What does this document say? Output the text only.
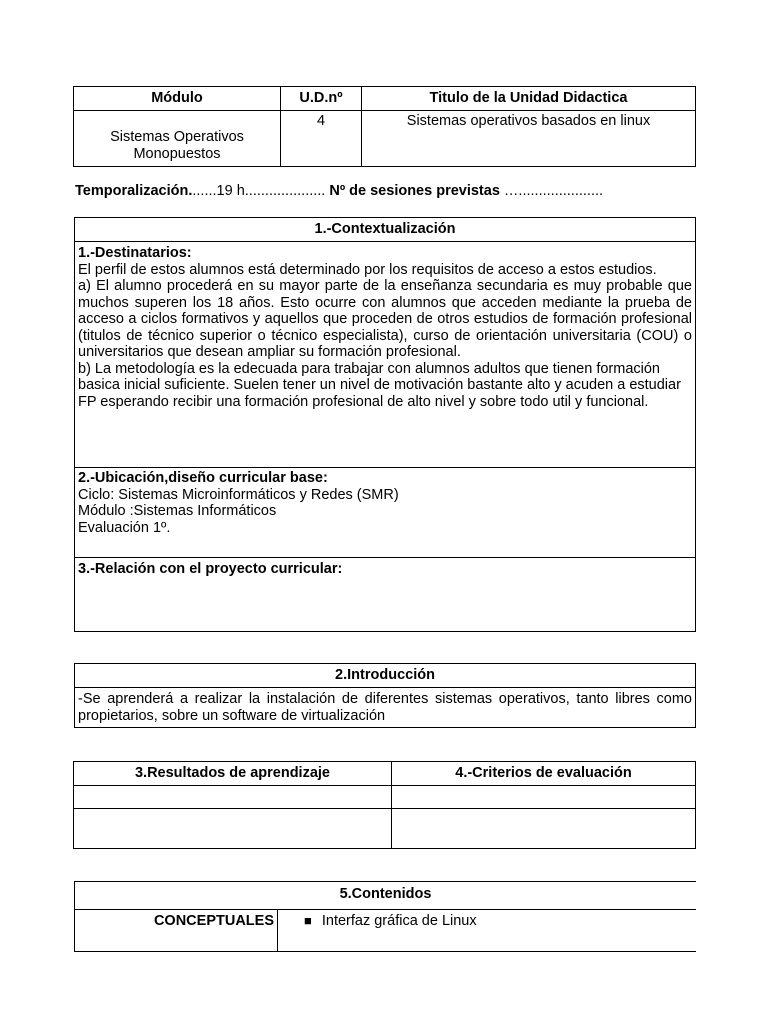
Módulo	U.D.nº	Titulo de la Unidad Didactica

Sistemas Operativos

Monopuestos	4	Sistemas operativos basados en linux
Temporalización.......19 h.................... Nº de sesiones previstas ….....................
1.-Contextualización

1.-Destinatarios:

El perfil de estos alumnos está determinado por los requisitos de acceso a estos estudios.

a) El alumno procederá en su mayor parte de la enseñanza secundaria es muy probable que muchos superen los 18 años. Esto ocurre con alumnos que acceden mediante la prueba de acceso a ciclos formativos y aquellos que proceden de otros estudios de formación profesional (titulos de técnico superior o técnico especialista), curso de orientación universitaria (COU) o universitarios que desean ampliar su formación profesional.

b) La metodología es la edecuada para trabajar con alumnos adultos que tienen formación basica inicial suficiente. Suelen tener un nivel de motivación bastante alto y acuden a estudiar FP esperando recibir una formación profesional de alto nivel y sobre todo util y funcional.

2.-Ubicación,diseño curricular base:

Ciclo: Sistemas Microinformáticos y Redes (SMR)

Módulo :Sistemas Informáticos

Evaluación 1º.

3.-Relación con el proyecto curricular:

2.Introducción

-Se aprenderá a realizar la instalación de diferentes sistemas operativos, tanto libres como propietarios, sobre un software de virtualización

3.Resultados de aprendizaje	4.-Criterios de evaluación

5.Contenidos

CONCEPTUALES	■ Interfaz gráfica de Linux
